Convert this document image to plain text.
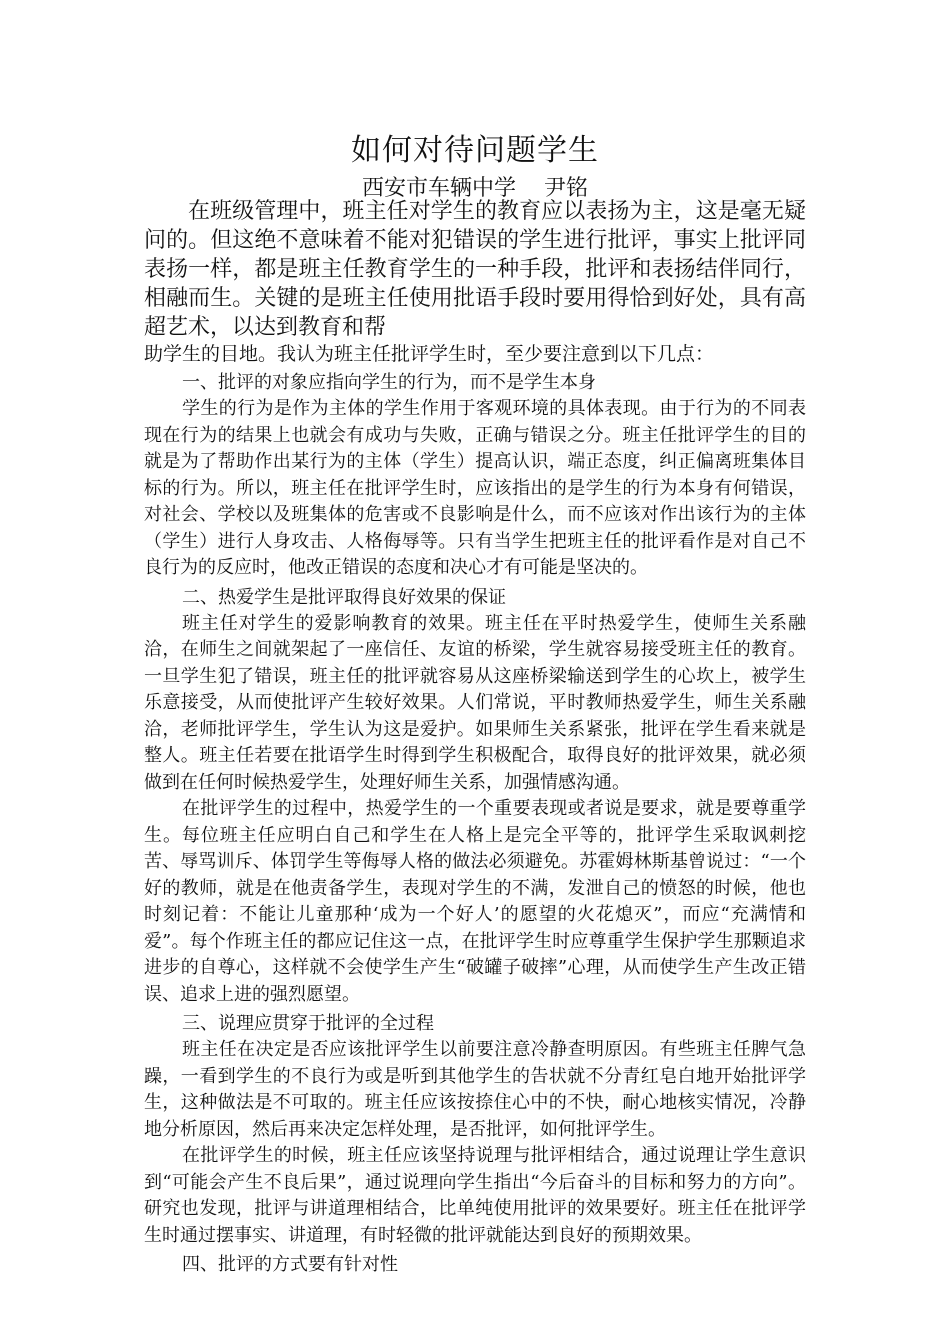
如何对待问题学生
西安市车辆中学    尹铭

在班级管理中，班主任对学生的教育应以表扬为主，这是毫无疑问的。但这绝不意味着不能对犯错误的学生进行批评，事实上批评同表扬一样，都是班主任教育学生的一种手段，批评和表扬结伴同行，相融而生。关键的是班主任使用批语手段时要用得恰到好处，具有高超艺术，以达到教育和帮

助学生的目地。我认为班主任批评学生时，至少要注意到以下几点：

一、批评的对象应指向学生的行为，而不是学生本身

学生的行为是作为主体的学生作用于客观环境的具体表现。由于行为的不同表现在行为的结果上也就会有成功与失败，正确与错误之分。班主任批评学生的目的就是为了帮助作出某行为的主体（学生）提高认识，端正态度，纠正偏离班集体目标的行为。所以，班主任在批评学生时，应该指出的是学生的行为本身有何错误，对社会、学校以及班集体的危害或不良影响是什么，而不应该对作出该行为的主体（学生）进行人身攻击、人格侮辱等。只有当学生把班主任的批评看作是对自己不良行为的反应时，他改正错误的态度和决心才有可能是坚决的。

二、热爱学生是批评取得良好效果的保证

班主任对学生的爱影响教育的效果。班主任在平时热爱学生，使师生关系融洽，在师生之间就架起了一座信任、友谊的桥梁，学生就容易接受班主任的教育。一旦学生犯了错误，班主任的批评就容易从这座桥梁输送到学生的心坎上，被学生乐意接受，从而使批评产生较好效果。人们常说，平时教师热爱学生，师生关系融洽，老师批评学生，学生认为这是爱护。如果师生关系紧张，批评在学生看来就是整人。班主任若要在批语学生时得到学生积极配合，取得良好的批评效果，就必须做到在任何时候热爱学生，处理好师生关系，加强情感沟通。

在批评学生的过程中，热爱学生的一个重要表现或者说是要求，就是要尊重学生。每位班主任应明白自己和学生在人格上是完全平等的，批评学生采取讽刺挖苦、辱骂训斥、体罚学生等侮辱人格的做法必须避免。苏霍姆林斯基曾说过：“一个好的教师，就是在他责备学生，表现对学生的不满，发泄自己的愤怒的时候，他也时刻记着：不能让儿童那种‘成为一个好人’的愿望的火花熄灭”，而应“充满情和爱”。每个作班主任的都应记住这一点，在批评学生时应尊重学生保护学生那颗追求进步的自尊心，这样就不会使学生产生“破罐子破摔”心理，从而使学生产生改正错误、追求上进的强烈愿望。

三、说理应贯穿于批评的全过程

班主任在决定是否应该批评学生以前要注意冷静查明原因。有些班主任脾气急躁，一看到学生的不良行为或是听到其他学生的告状就不分青红皂白地开始批评学生，这种做法是不可取的。班主任应该按捺住心中的不快，耐心地核实情况，冷静地分析原因，然后再来决定怎样处理，是否批评，如何批评学生。

在批评学生的时候，班主任应该坚持说理与批评相结合，通过说理让学生意识到“可能会产生不良后果”，通过说理向学生指出“今后奋斗的目标和努力的方向”。研究也发现，批评与讲道理相结合，比单纯使用批评的效果要好。班主任在批评学生时通过摆事实、讲道理，有时轻微的批评就能达到良好的预期效果。

四、批评的方式要有针对性
